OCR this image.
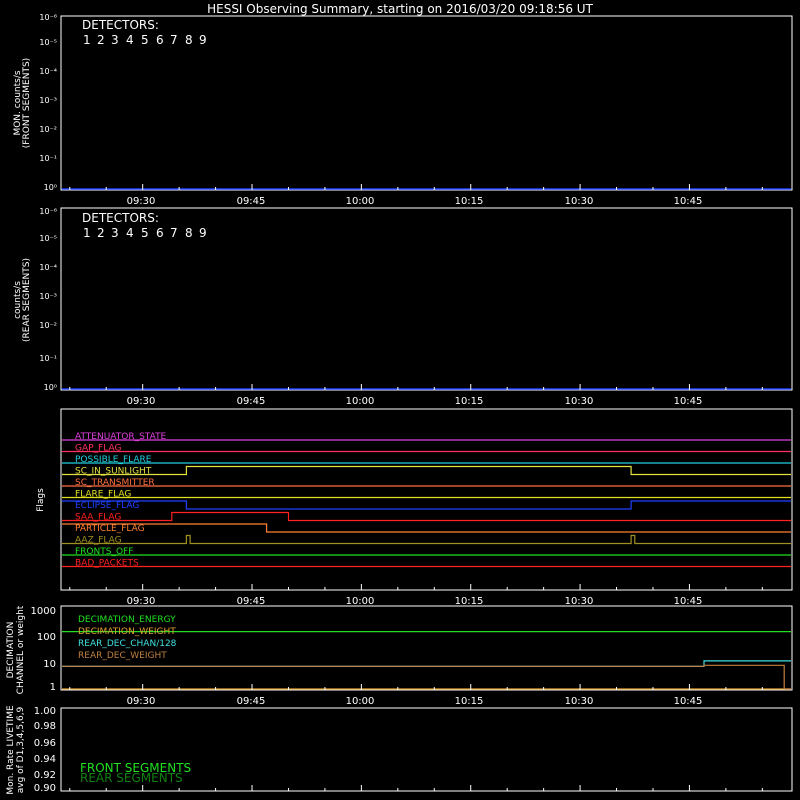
HESSI Observing Summary, starting on 2016/03/20 09:18:56 UT
MON. counts/s (FRONT SEGMENTS)
10⁰
10⁻¹
10⁻²
10⁻³
10⁻⁴
10⁻⁵
10⁻⁶
DETECTORS:
1 2 3 4 5 6 7 8 9
09:30	09:45	10:00	10:15	10:30	10:45
counts/s (REAR SEGMENTS)
10⁰
10⁻¹
10⁻²
10⁻³
10⁻⁴
10⁻⁵
10⁻⁶ DETECTORS:
1 2 3 4 5 6 7 8 9
09:30	09:45	10:00	10:15	10:30	10:45
Flags
ATTENUATOR_STATE
GAP_FLAG
POSSIBLE_FLARE
SC_IN_SUNLIGHT
SC_TRANSMITTER
FLARE_FLAG
ECLIPSE_FLAG
SAA_FLAG
PARTICLE_FLAG
AAZ_FLAG
FRONTS_OFF
BAD_PACKETS
09:30	09:45	10:00	10:15	10:30	10:45
DECIMATION CHANNEL or weight 1
10
100
1000
DECIMATION_ENERGY
DECIMATION_WEIGHT
REAR_DEC_CHAN/128
REAR_DEC_WEIGHT
09:30	09:45	10:00	10:15	10:30	10:45
Mon. Rate LIVETIME avg of D1,3,4,5,6,9 0.90
0.92
0.94
0.96
0.98
1.00
FRONT SEGMENTS
REAR SEGMENTS
